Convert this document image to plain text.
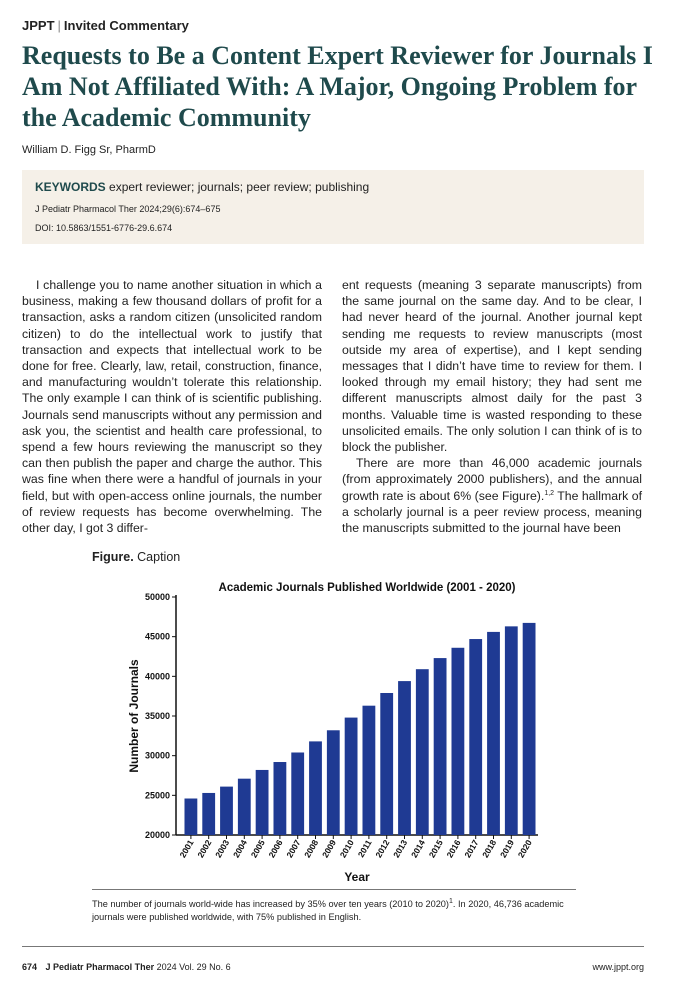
JPPT | Invited Commentary
Requests to Be a Content Expert Reviewer for Journals I Am Not Affiliated With: A Major, Ongoing Problem for the Academic Community
William D. Figg Sr, PharmD
KEYWORDS expert reviewer; journals; peer review; publishing
J Pediatr Pharmacol Ther 2024;29(6):674–675
DOI: 10.5863/1551-6776-29.6.674

I challenge you to name another situation in which a business, making a few thousand dollars of profit for a transaction, asks a random citizen (unsolicited random citizen) to do the intellectual work to justify that transaction and expects that intellectual work to be done for free. Clearly, law, retail, construction, finance, and manufacturing wouldn’t tolerate this relationship. The only example I can think of is scientific publishing. Journals send manuscripts without any permission and ask you, the scientist and health care professional, to spend a few hours reviewing the manuscript so they can then publish the paper and charge the author. This was fine when there were a handful of journals in your field, but with open-access online journals, the number of review requests has become overwhelming. The other day, I got 3 differ-

ent requests (meaning 3 separate manuscripts) from the same journal on the same day. And to be clear, I had never heard of the journal. Another journal kept sending me requests to review manuscripts (most outside my area of expertise), and I kept sending messages that I didn’t have time to review for them. I looked through my email history; they had sent me different manuscripts almost daily for the past 3 months. Valuable time is wasted responding to these unsolicited emails. The only solution I can think of is to block the publisher.

There are more than 46,000 academic journals (from approximately 2000 publishers), and the annual growth rate is about 6% (see Figure).$^{1,2}$ The hallmark of a scholarly journal is a peer review process, meaning the manuscripts submitted to the journal have been

Figure. Caption
Academic Journals Published Worldwide (2001 - 2020)
20000
25000
30000
35000
40000
45000
50000
2001 2002 2003 2004 2005 2006 2007 2008 2009 2010 2011 2012 2013 2014 2015 2016 2017 2018 2019 2020
Year
Number of Journals

The number of journals world-wide has increased by 35% over ten years (2010 to 2020)$^1$. In 2020, 46,736 academic journals were published worldwide, with 75% published in English.

674 J Pediatr Pharmacol Ther 2024 Vol. 29 No. 6	www.jppt.org
